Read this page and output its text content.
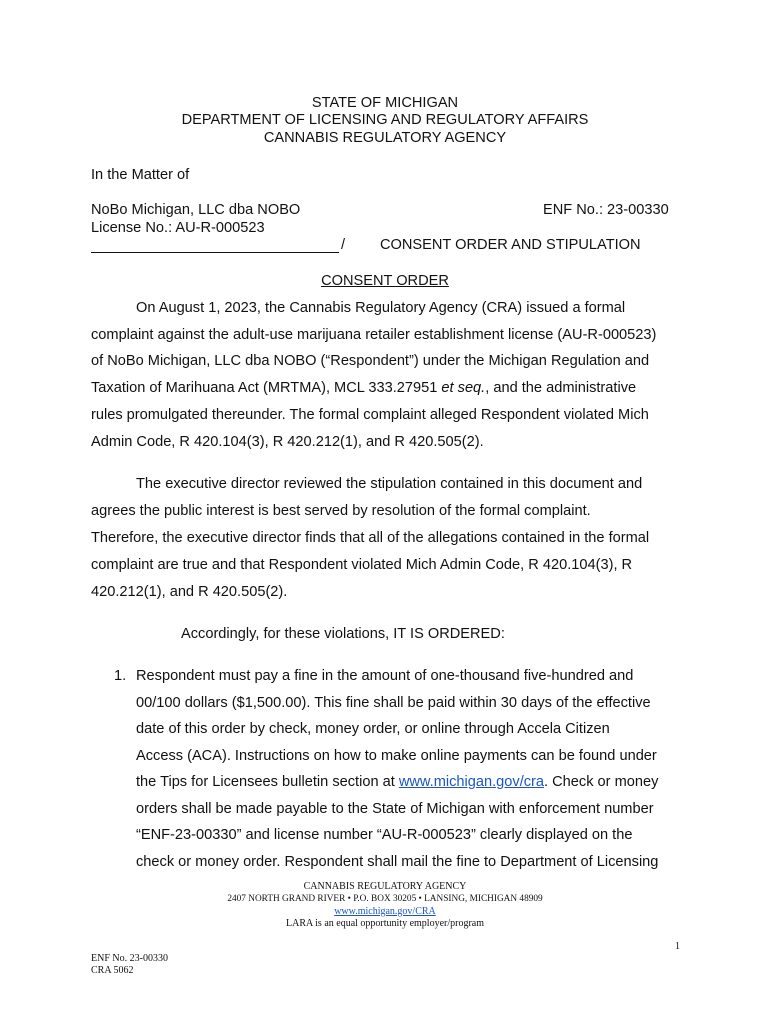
STATE OF MICHIGAN
DEPARTMENT OF LICENSING AND REGULATORY AFFAIRS
CANNABIS REGULATORY AGENCY
In the Matter of
NoBo Michigan, LLC dba NOBO	ENF No.: 23-00330
License No.: AU-R-000523
/ CONSENT ORDER AND STIPULATION
CONSENT ORDER
On August 1, 2023, the Cannabis Regulatory Agency (CRA) issued a formal
complaint against the adult-use marijuana retailer establishment license (AU-R-000523)
of NoBo Michigan, LLC dba NOBO (“Respondent”) under the Michigan Regulation and
Taxation of Marihuana Act (MRTMA), MCL 333.27951 et seq., and the administrative
rules promulgated thereunder. The formal complaint alleged Respondent violated Mich
Admin Code, R 420.104(3), R 420.212(1), and R 420.505(2).
The executive director reviewed the stipulation contained in this document and
agrees the public interest is best served by resolution of the formal complaint.
Therefore, the executive director finds that all of the allegations contained in the formal
complaint are true and that Respondent violated Mich Admin Code, R 420.104(3), R
420.212(1), and R 420.505(2).
Accordingly, for these violations, IT IS ORDERED:
1. Respondent must pay a fine in the amount of one-thousand five-hundred and
00/100 dollars ($1,500.00). This fine shall be paid within 30 days of the effective
date of this order by check, money order, or online through Accela Citizen
Access (ACA). Instructions on how to make online payments can be found under
the Tips for Licensees bulletin section at www.michigan.gov/cra. Check or money
orders shall be made payable to the State of Michigan with enforcement number
“ENF-23-00330” and license number “AU-R-000523” clearly displayed on the
check or money order. Respondent shall mail the fine to Department of Licensing
CANNABIS REGULATORY AGENCY
2407 NORTH GRAND RIVER • P.O. BOX 30205 • LANSING, MICHIGAN 48909
www.michigan.gov/CRA
LARA is an equal opportunity employer/program
1
ENF No. 23-00330
CRA 5062
